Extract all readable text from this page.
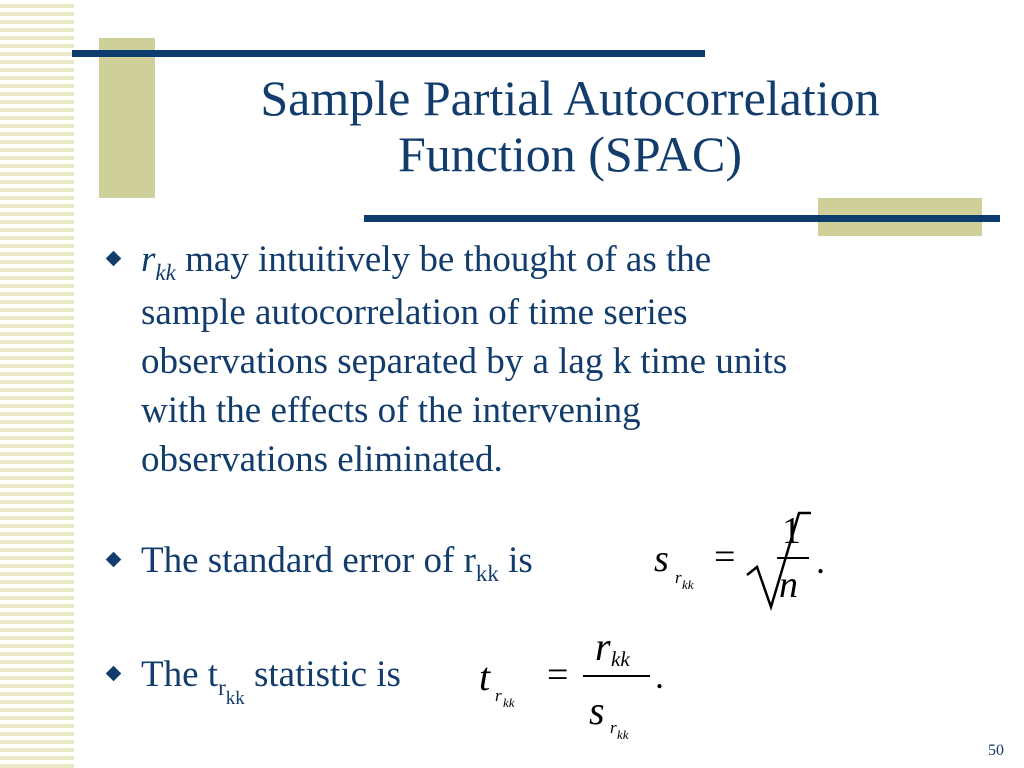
Sample Partial Autocorrelation
Function (SPAC)
$r_{kk}$ may intuitively be thought of as the
sample autocorrelation of time series
observations separated by a lag k time units
with the effects of the intervening
observations eliminated.
The standard error of $r_{kk}$ is	s r kk
=
1
n
.
The $t_{rkk}$ statistic is t r kk
=
r kk
s r kk
.
50
